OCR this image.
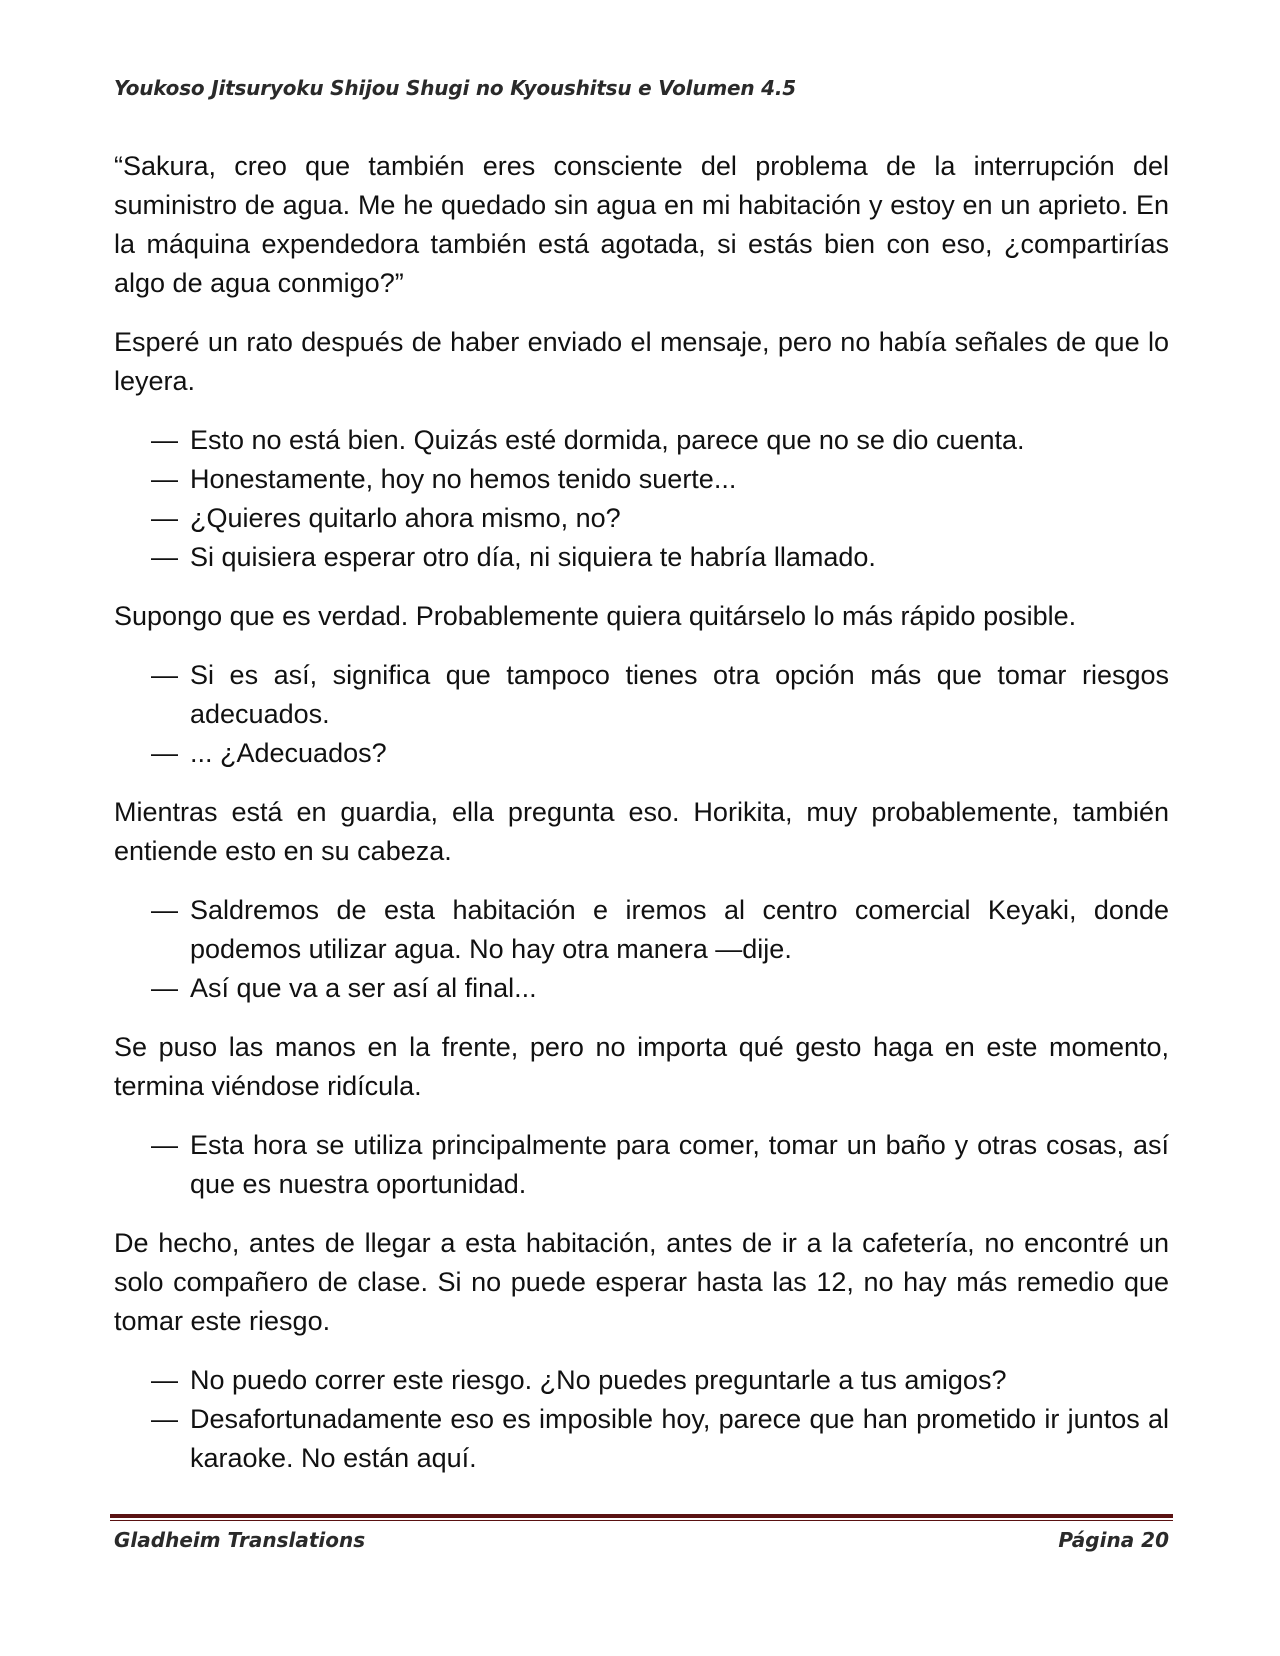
Youkoso Jitsuryoku Shijou Shugi no Kyoushitsu e Volumen 4.5

“Sakura, creo que también eres consciente del problema de la interrupción del suministro de agua. Me he quedado sin agua en mi habitación y estoy en un aprieto. En la máquina expendedora también está agotada, si estás bien con eso, ¿compartirías algo de agua conmigo?”

Esperé un rato después de haber enviado el mensaje, pero no había señales de que lo leyera.

— Esto no está bien. Quizás esté dormida, parece que no se dio cuenta.
— Honestamente, hoy no hemos tenido suerte...
— ¿Quieres quitarlo ahora mismo, no?
— Si quisiera esperar otro día, ni siquiera te habría llamado.

Supongo que es verdad. Probablemente quiera quitárselo lo más rápido posible.

— Si es así, significa que tampoco tienes otra opción más que tomar riesgos adecuados.
— ... ¿Adecuados?

Mientras está en guardia, ella pregunta eso. Horikita, muy probablemente, también entiende esto en su cabeza.

— Saldremos de esta habitación e iremos al centro comercial Keyaki, donde podemos utilizar agua. No hay otra manera —dije.
— Así que va a ser así al final...

Se puso las manos en la frente, pero no importa qué gesto haga en este momento, termina viéndose ridícula.

— Esta hora se utiliza principalmente para comer, tomar un baño y otras cosas, así que es nuestra oportunidad.

De hecho, antes de llegar a esta habitación, antes de ir a la cafetería, no encontré un solo compañero de clase. Si no puede esperar hasta las 12, no hay más remedio que tomar este riesgo.

— No puedo correr este riesgo. ¿No puedes preguntarle a tus amigos?
— Desafortunadamente eso es imposible hoy, parece que han prometido ir juntos al karaoke. No están aquí.
Gladheim Translations	Página 20
